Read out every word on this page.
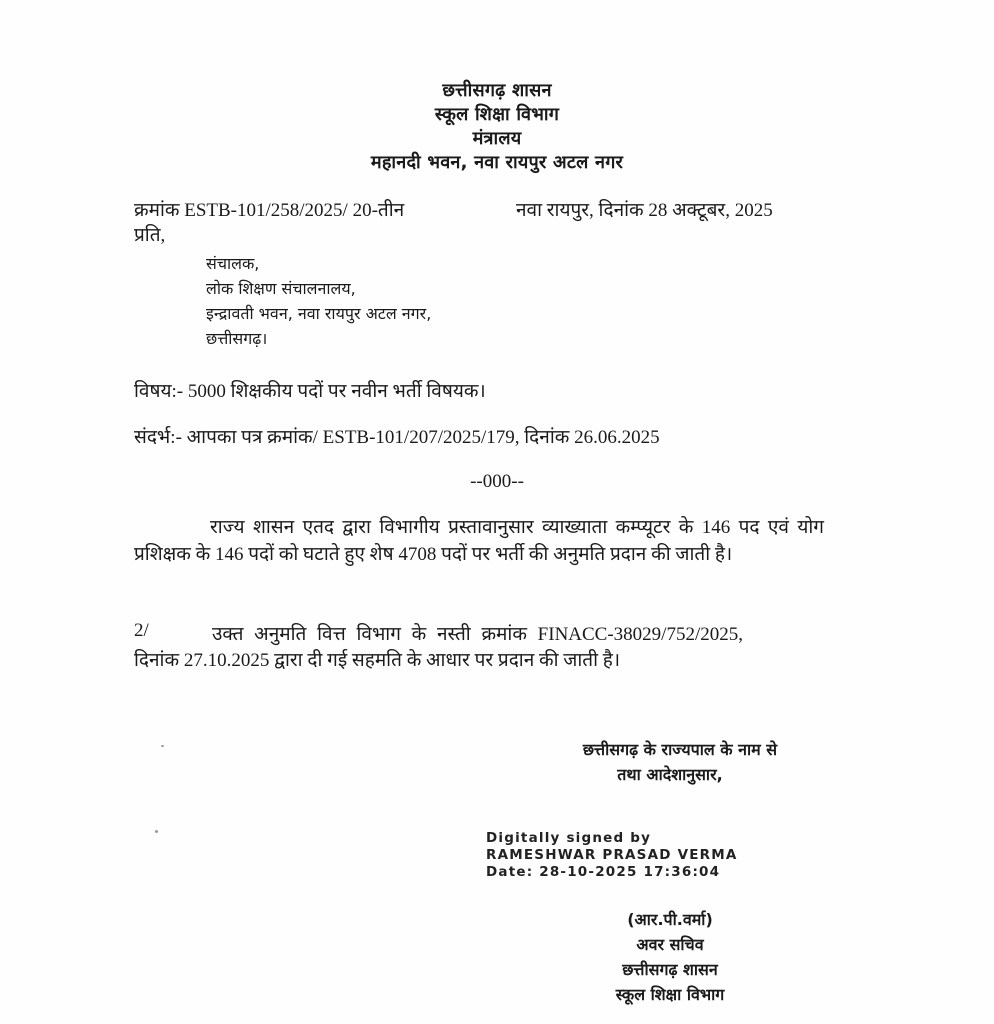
छत्तीसगढ़ शासन
स्कूल शिक्षा विभाग
मंत्रालय
महानदी भवन, नवा रायपुर अटल नगर
क्रमांक ESTB-101/258/2025/ 20-तीन	नवा रायपुर, दिनांक 28 अक्टूबर, 2025
प्रति,
संचालक,
लोक शिक्षण संचालनालय,
इन्द्रावती भवन, नवा रायपुर अटल नगर,
छत्तीसगढ़।
विषय:- 5000 शिक्षकीय पदों पर नवीन भर्ती विषयक।
संदर्भ:- आपका पत्र क्रमांक/ ESTB-101/207/2025/179, दिनांक 26.06.2025
--000--
राज्य शासन एतद द्वारा विभागीय प्रस्तावानुसार व्याख्याता कम्प्यूटर के 146 पद एवं योग प्रशिक्षक के 146 पदों को घटाते हुए शेष 4708 पदों पर भर्ती की अनुमति प्रदान की जाती है।
2/	उक्त अनुमति वित्त विभाग के नस्ती क्रमांक FINACC-38029/752/2025,
दिनांक 27.10.2025 द्वारा दी गई सहमति के आधार पर प्रदान की जाती है।
छत्तीसगढ़ के राज्यपाल के नाम से
तथा आदेशानुसार,
Digitally signed by
RAMESHWAR PRASAD VERMA
Date: 28-10-2025 17:36:04
(आर.पी.वर्मा)
अवर सचिव
छत्तीसगढ़ शासन
स्कूल शिक्षा विभाग
